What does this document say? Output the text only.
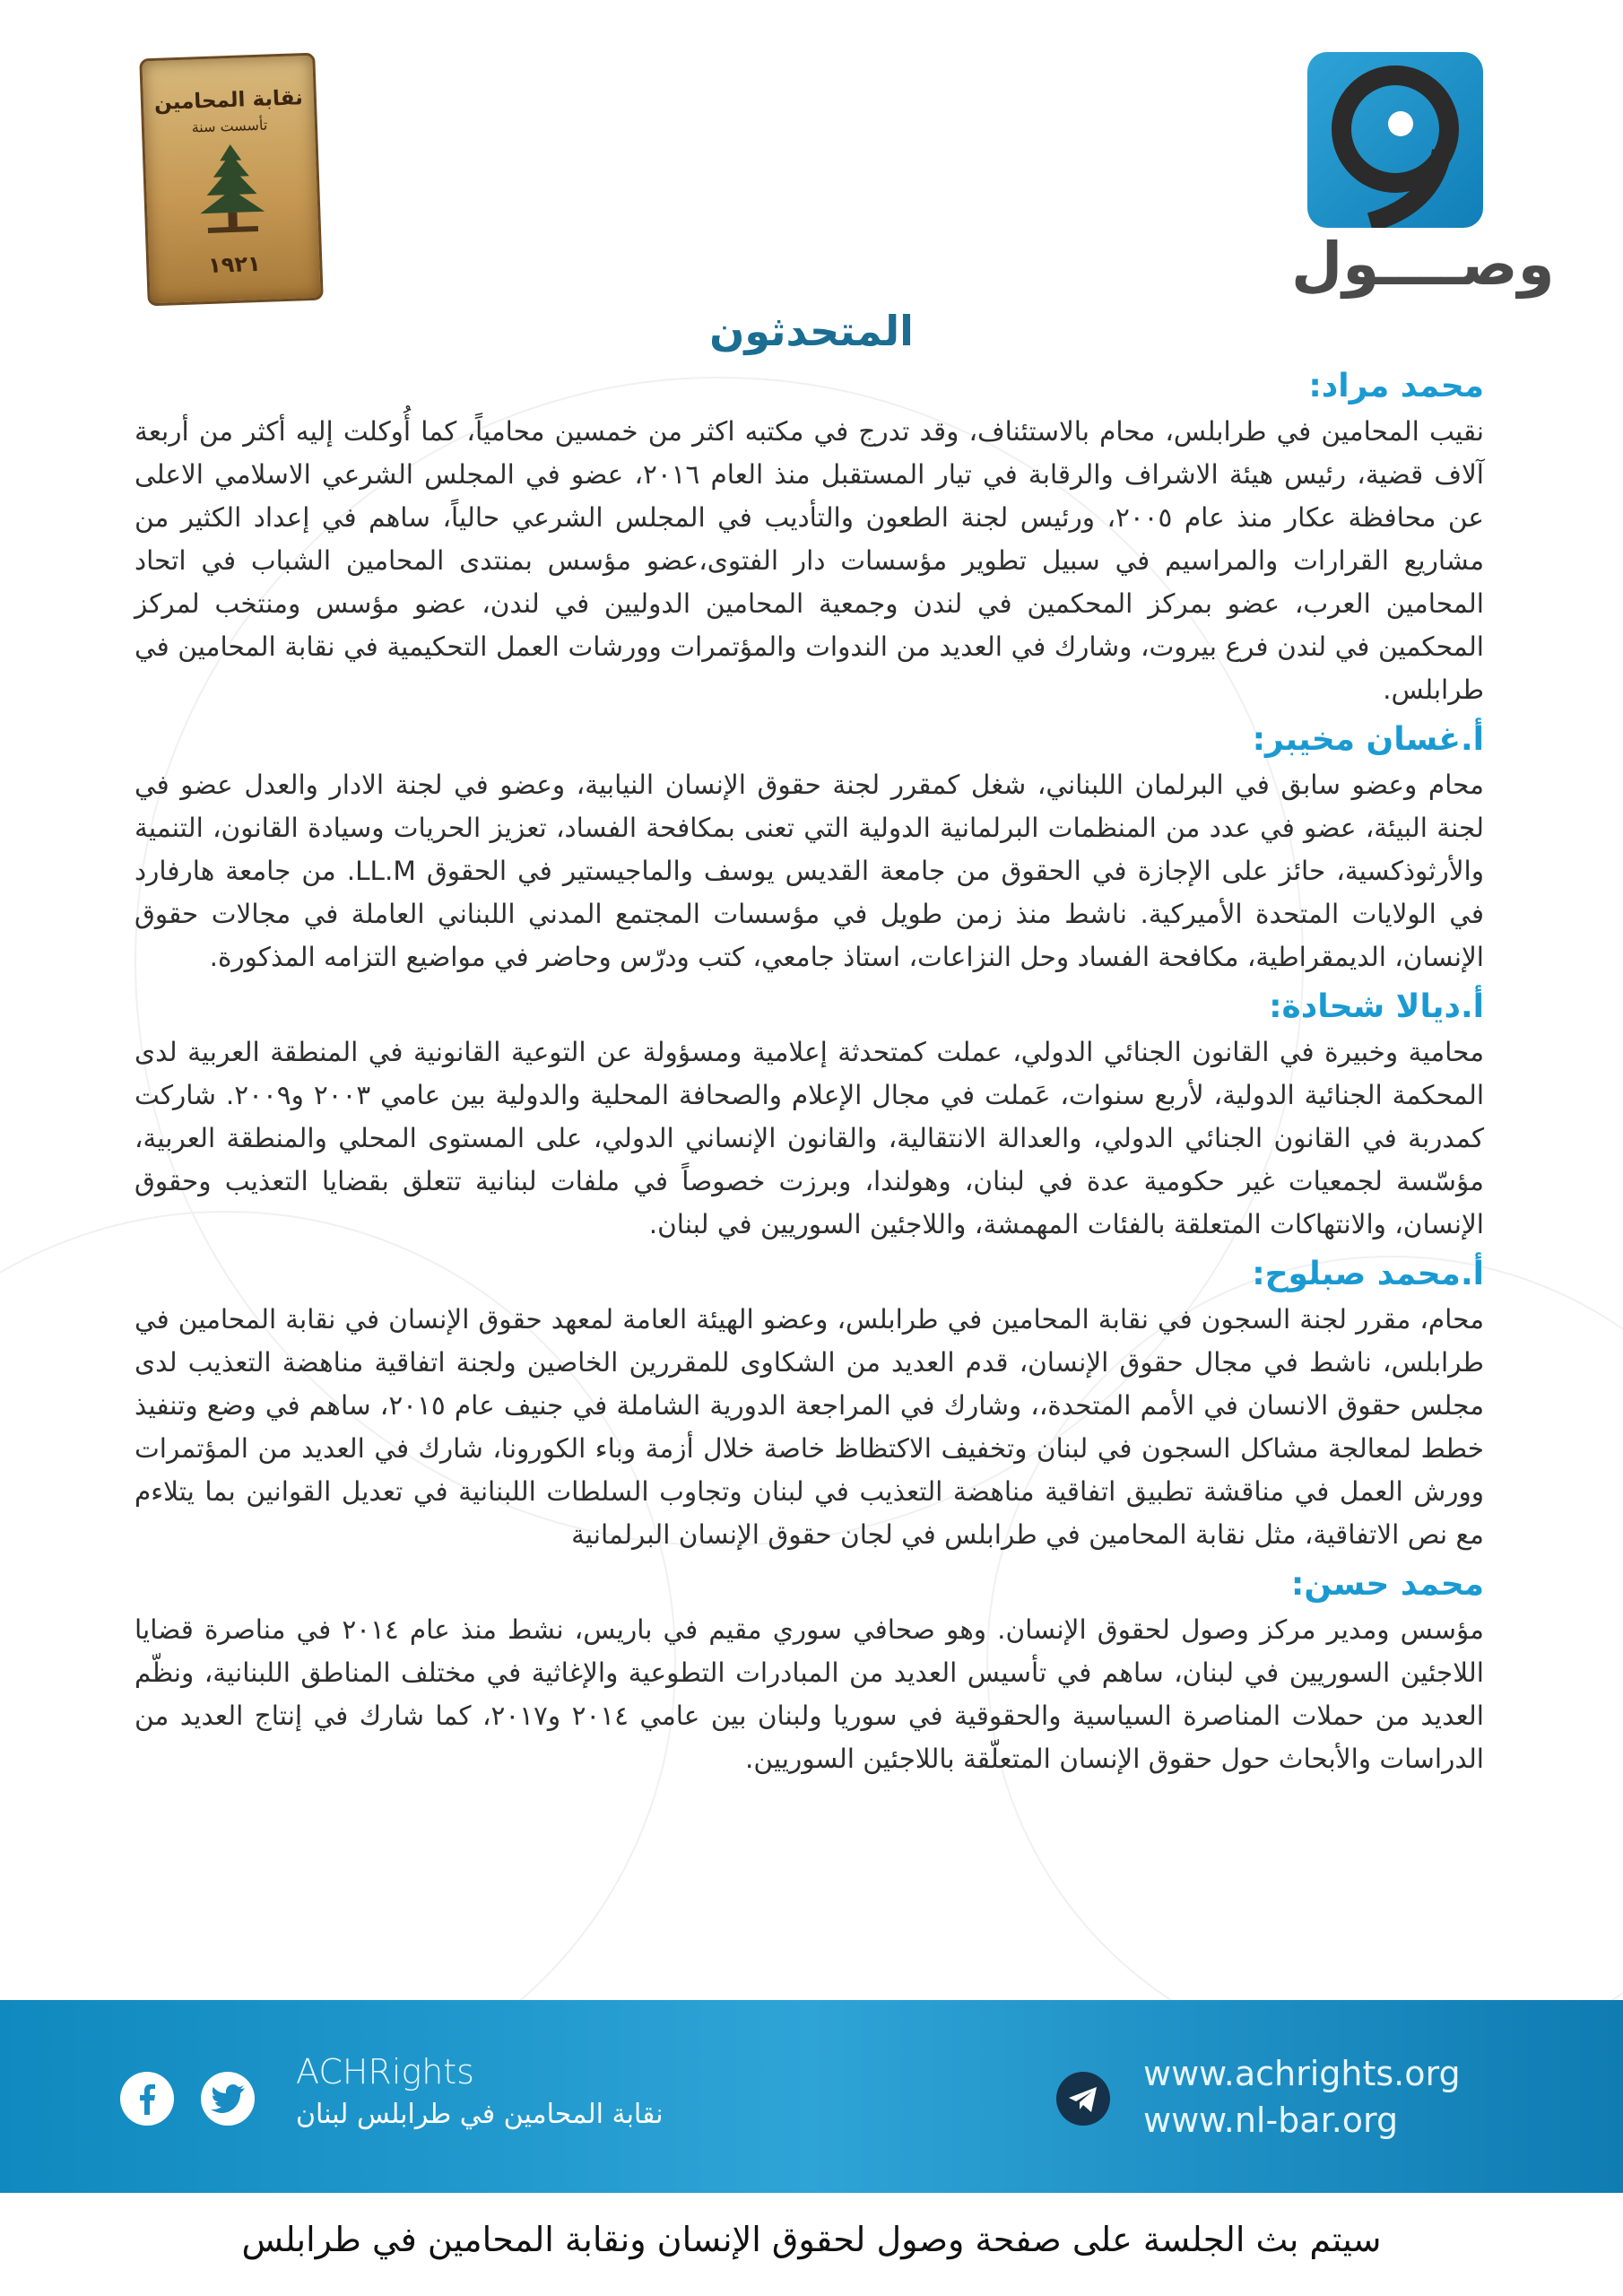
نقابة المحامين
تأسست سنة
١٩٢١	وصــــول
المتحدثون
محمد مراد:

نقيب المحامين في طرابلس، محام بالاستئناف، وقد تدرج في مكتبه اكثر من خمسين محامياً، كما أُوكلت إليه أكثر من أربعة آلاف قضية، رئيس هيئة الاشراف والرقابة في تيار المستقبل منذ العام ٢٠١٦، عضو في المجلس الشرعي الاسلامي الاعلى عن محافظة عكار منذ عام ٢٠٠٥، ورئيس لجنة الطعون والتأديب في المجلس الشرعي حالياً، ساهم في إعداد الكثير من مشاريع القرارات والمراسيم في سبيل تطوير مؤسسات دار الفتوى،عضو مؤسس بمنتدى المحامين الشباب في اتحاد المحامين العرب، عضو بمركز المحكمين في لندن وجمعية المحامين الدوليين في لندن، عضو مؤسس ومنتخب لمركز المحكمين في لندن فرع بيروت، وشارك في العديد من الندوات والمؤتمرات وورشات العمل التحكيمية في نقابة المحامين في طرابلس.

أ.غسان مخيبر:

محام وعضو سابق في البرلمان اللبناني، شغل كمقرر لجنة حقوق الإنسان النيابية، وعضو في لجنة الادار والعدل عضو في لجنة البيئة، عضو في عدد من المنظمات البرلمانية الدولية التي تعنى بمكافحة الفساد، تعزيز الحريات وسيادة القانون، التنمية والأرثوذكسية، حائز على الإجازة في الحقوق من جامعة القديس يوسف والماجيستير في الحقوق LL.M. من جامعة هارفارد في الولايات المتحدة الأميركية. ناشط منذ زمن طويل في مؤسسات المجتمع المدني اللبناني العاملة في مجالات حقوق الإنسان، الديمقراطية، مكافحة الفساد وحل النزاعات، استاذ جامعي، كتب ودرّس وحاضر في مواضيع التزامه المذكورة.

أ.ديالا شحادة:

محامية وخبيرة في القانون الجنائي الدولي، عملت كمتحدثة إعلامية ومسؤولة عن التوعية القانونية في المنطقة العربية لدى المحكمة الجنائية الدولية، لأربع سنوات، عَملت في مجال الإعلام والصحافة المحلية والدولية بين عامي ٢٠٠٣ و٢٠٠٩. شاركت كمدربة في القانون الجنائي الدولي، والعدالة الانتقالية، والقانون الإنساني الدولي، على المستوى المحلي والمنطقة العربية، مؤسّسة لجمعيات غير حكومية عدة في لبنان، وهولندا، وبرزت خصوصاً في ملفات لبنانية تتعلق بقضايا التعذيب وحقوق الإنسان، والانتهاكات المتعلقة بالفئات المهمشة، واللاجئين السوريين في لبنان.

أ.محمد صبلوح:

محام، مقرر لجنة السجون في نقابة المحامين في طرابلس، وعضو الهيئة العامة لمعهد حقوق الإنسان في نقابة المحامين في طرابلس، ناشط في مجال حقوق الإنسان، قدم العديد من الشكاوى للمقررين الخاصين ولجنة اتفاقية مناهضة التعذيب لدى مجلس حقوق الانسان في الأمم المتحدة،، وشارك في المراجعة الدورية الشاملة في جنيف عام ٢٠١٥، ساهم في وضع وتنفيذ خطط لمعالجة مشاكل السجون في لبنان وتخفيف الاكتظاظ خاصة خلال أزمة وباء الكورونا، شارك في العديد من المؤتمرات وورش العمل في مناقشة تطبيق اتفاقية مناهضة التعذيب في لبنان وتجاوب السلطات اللبنانية في تعديل القوانين بما يتلاءم مع نص الاتفاقية، مثل نقابة المحامين في طرابلس في لجان حقوق الإنسان البرلمانية

محمد حسن:

مؤسس ومدير مركز وصول لحقوق الإنسان. وهو صحافي سوري مقيم في باريس، نشط منذ عام ٢٠١٤ في مناصرة قضايا اللاجئين السوريين في لبنان، ساهم في تأسيس العديد من المبادرات التطوعية والإغاثية في مختلف المناطق اللبنانية، ونظّم العديد من حملات المناصرة السياسية والحقوقية في سوريا ولبنان بين عامي ٢٠١٤ و٢٠١٧، كما شارك في إنتاج العديد من الدراسات والأبحاث حول حقوق الإنسان المتعلّقة باللاجئين السوريين.

ACHRights
نقابة المحامين في طرابلس لبنان
www.achrights.org
www.nl-bar.org
سيتم بث الجلسة على صفحة وصول لحقوق الإنسان ونقابة المحامين في طرابلس
